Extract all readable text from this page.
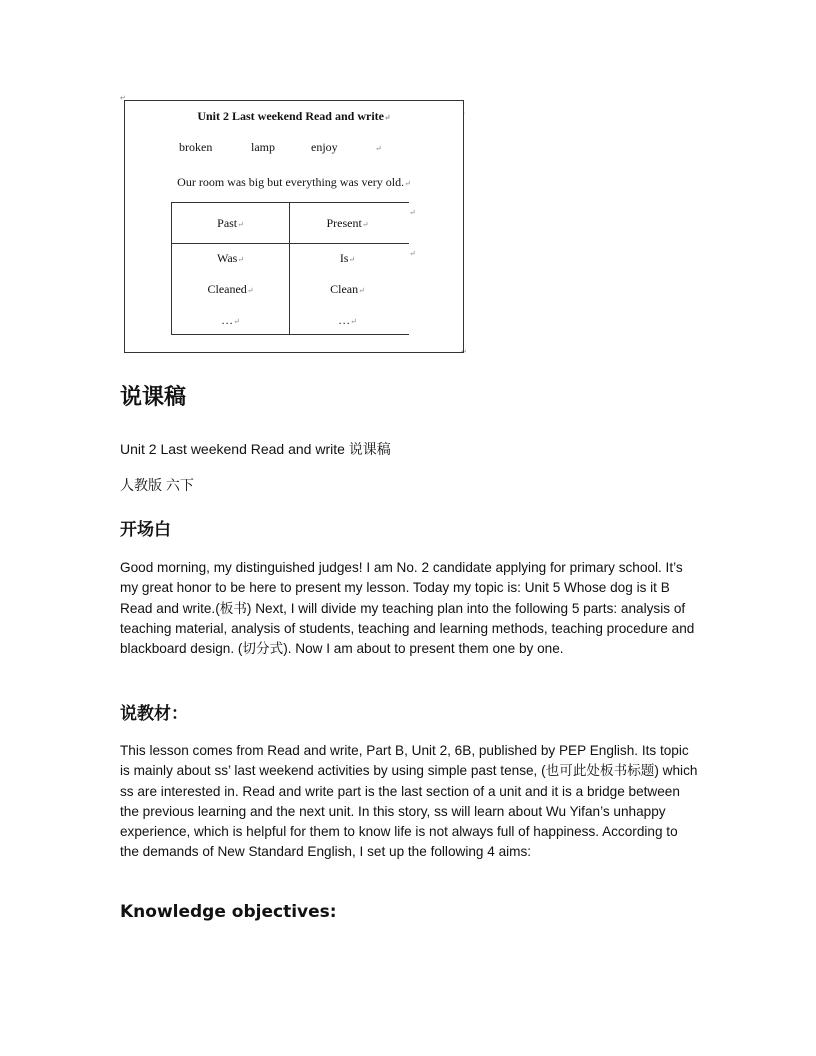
↵
·
↵
Unit 2 Last weekend Read and write↵
broken	lamp	enjoy	↵
Our room was big but everything was very old.↵
Past↵	Present↵
Was↵	Is↵
Cleaned↵	Clean↵
…↵	…↵
↵
↵
说课稿

Unit 2 Last weekend Read and write 说课稿

人教版 六下

开场白

Good morning, my distinguished judges! I am No. 2 candidate applying for primary school. It’s my great honor to be here to present my lesson. Today my topic is: Unit 5 Whose dog is it B Read and write.(板书) Next, I will divide my teaching plan into the following 5 parts: analysis of teaching material, analysis of students, teaching and learning methods, teaching procedure and blackboard design. (切分式). Now I am about to present them one by one.

说教材：

This lesson comes from Read and write, Part B, Unit 2, 6B, published by PEP English. Its topic is mainly about ss’ last weekend activities by using simple past tense, (也可此处板书标题) which ss are interested in. Read and write part is the last section of a unit and it is a bridge between the previous learning and the next unit. In this story, ss will learn about Wu Yifan’s unhappy experience, which is helpful for them to know life is not always full of happiness. According to the demands of New Standard English, I set up the following 4 aims:

Knowledge objectives:
